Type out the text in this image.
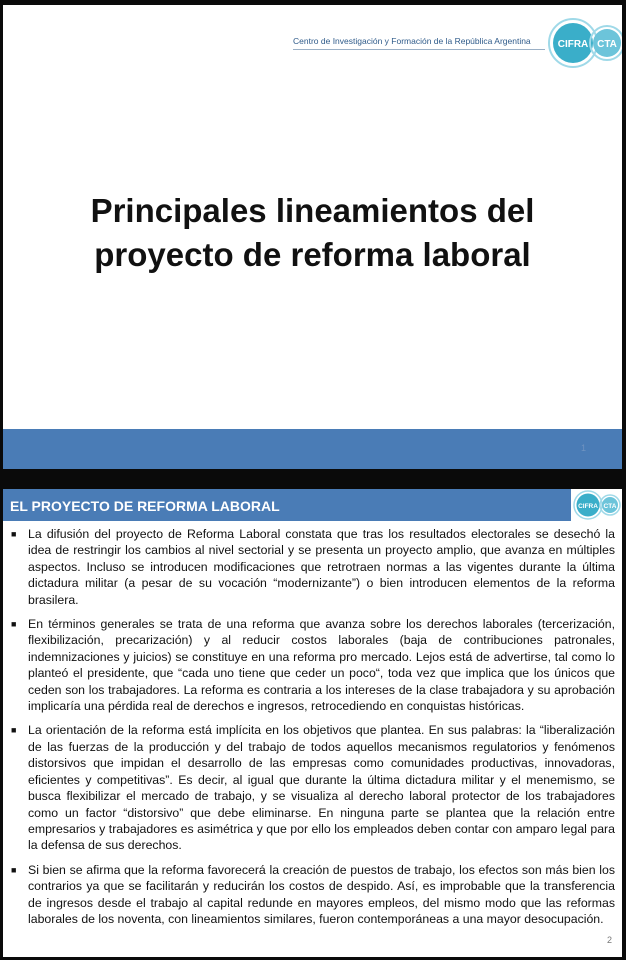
Centro de Investigación y Formación de la República Argentina	CIFRA CTA
Principales lineamientos del
proyecto de reforma laboral
1
EL PROYECTO DE REFORMA LABORAL	CIFRA CTA
■ La difusión del proyecto de Reforma Laboral constata que tras los resultados electorales se desechó la idea de restringir los cambios al nivel sectorial y se presenta un proyecto amplio, que avanza en múltiples aspectos. Incluso se introducen modificaciones que retrotraen normas a las vigentes durante la última dictadura militar (a pesar de su vocación “modernizante”) o bien introducen elementos de la reforma brasilera.
■ En términos generales se trata de una reforma que avanza sobre los derechos laborales (tercerización, flexibilización, precarización) y al reducir costos laborales (baja de contribuciones patronales, indemnizaciones y juicios) se constituye en una reforma pro mercado. Lejos está de advertirse, tal como lo planteó el presidente, que “cada uno tiene que ceder un poco“, toda vez que implica que los únicos que ceden son los trabajadores. La reforma es contraria a los intereses de la clase trabajadora y su aprobación implicaría una pérdida real de derechos e ingresos, retrocediendo en conquistas históricas.
■ La orientación de la reforma está implícita en los objetivos que plantea. En sus palabras: la “liberalización de las fuerzas de la producción y del trabajo de todos aquellos mecanismos regulatorios y fenómenos distorsivos que impidan el desarrollo de las empresas como comunidades productivas, innovadoras, eficientes y competitivas”. Es decir, al igual que durante la última dictadura militar y el menemismo, se busca flexibilizar el mercado de trabajo, y se visualiza al derecho laboral protector de los trabajadores como un factor “distorsivo” que debe eliminarse. En ninguna parte se plantea que la relación entre empresarios y trabajadores es asimétrica y que por ello los empleados deben contar con amparo legal para la defensa de sus derechos.
■ Si bien se afirma que la reforma favorecerá la creación de puestos de trabajo, los efectos son más bien los contrarios ya que se facilitarán y reducirán los costos de despido. Así, es improbable que la transferencia de ingresos desde el trabajo al capital redunde en mayores empleos, del mismo modo que las reformas laborales de los noventa, con lineamientos similares, fueron contemporáneas a una mayor desocupación.
2
